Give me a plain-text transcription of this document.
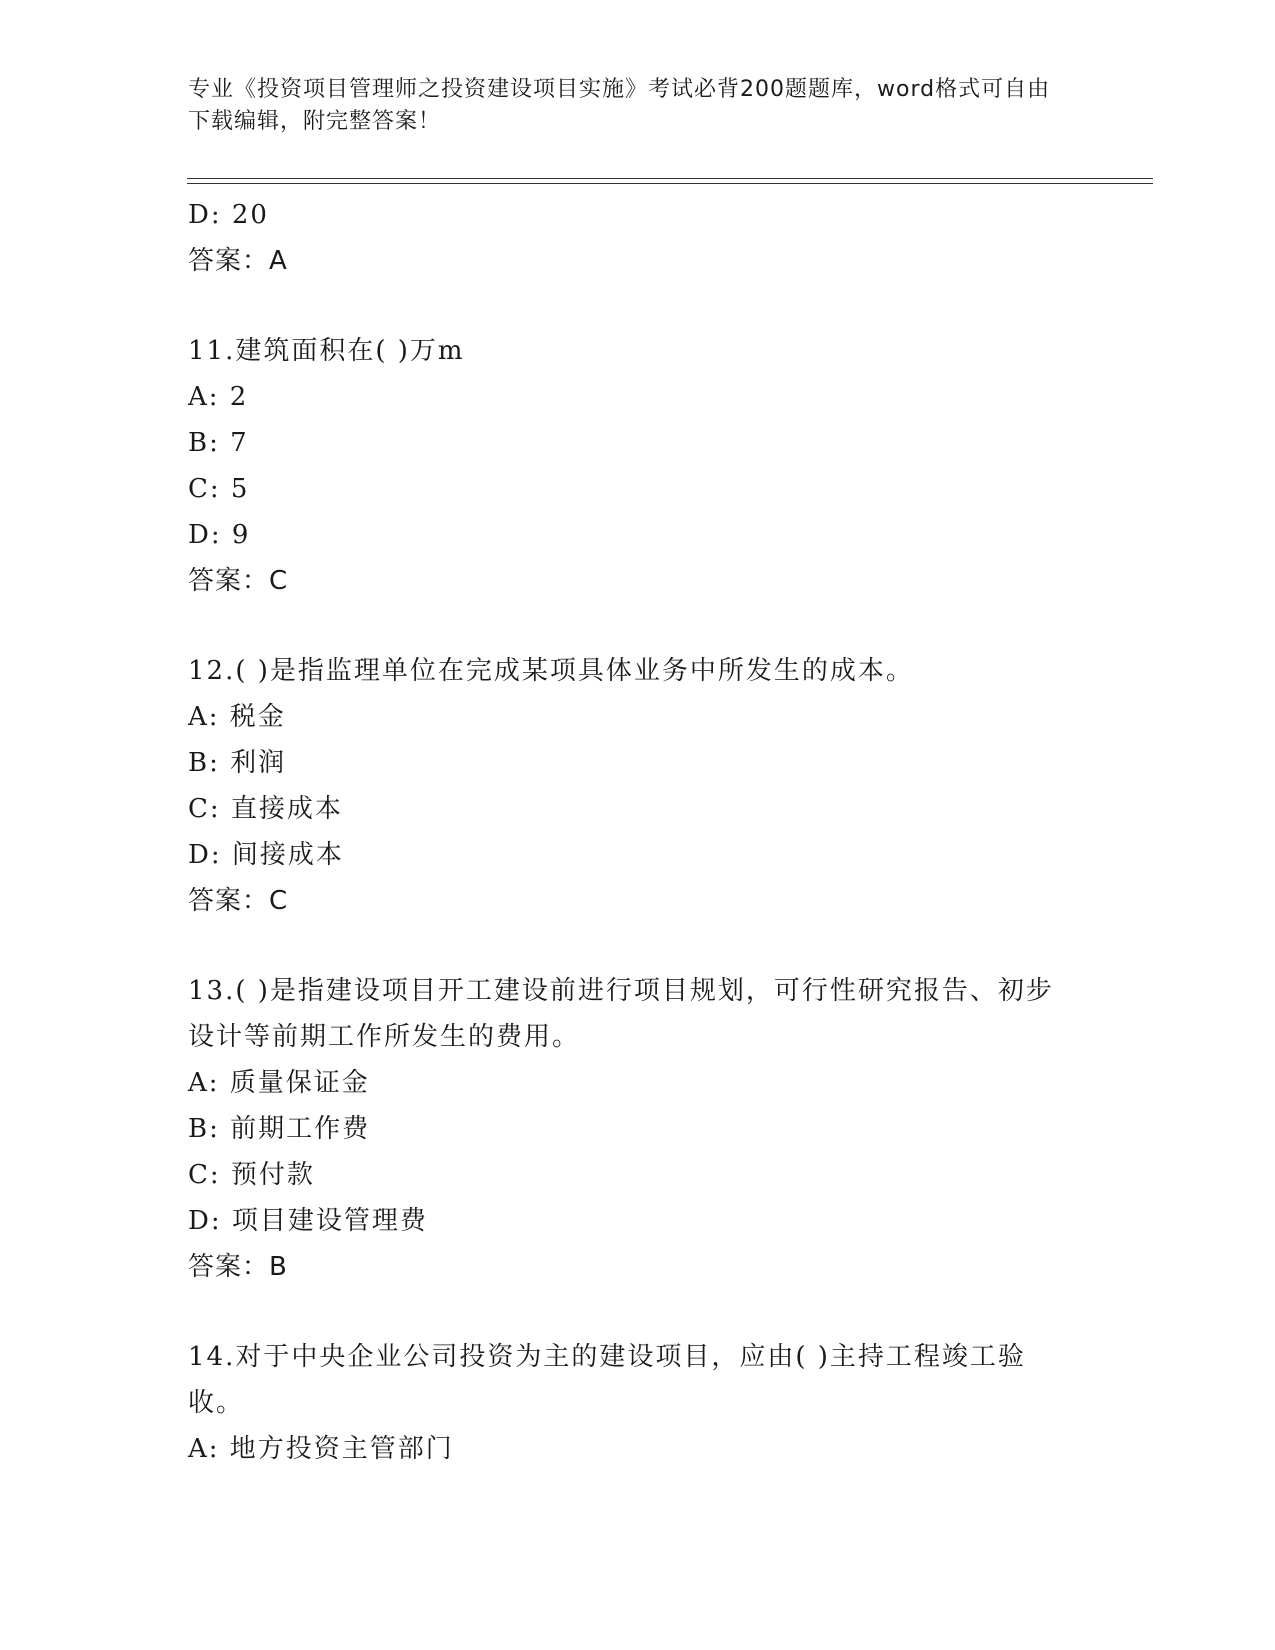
专业《投资项目管理师之投资建设项目实施》考试必背200题题库，word格式可自由下载编辑，附完整答案！
D: 20
答案：A
11.建筑面积在( )万m
A: 2
B: 7
C: 5
D: 9
答案：C
12.( )是指监理单位在完成某项具体业务中所发生的成本。
A: 税金
B: 利润
C: 直接成本
D: 间接成本
答案：C
13.( )是指建设项目开工建设前进行项目规划，可行性研究报告、初步设计等前期工作所发生的费用。
A: 质量保证金
B: 前期工作费
C: 预付款
D: 项目建设管理费
答案：B
14.对于中央企业公司投资为主的建设项目，应由( )主持工程竣工验收。
A: 地方投资主管部门
